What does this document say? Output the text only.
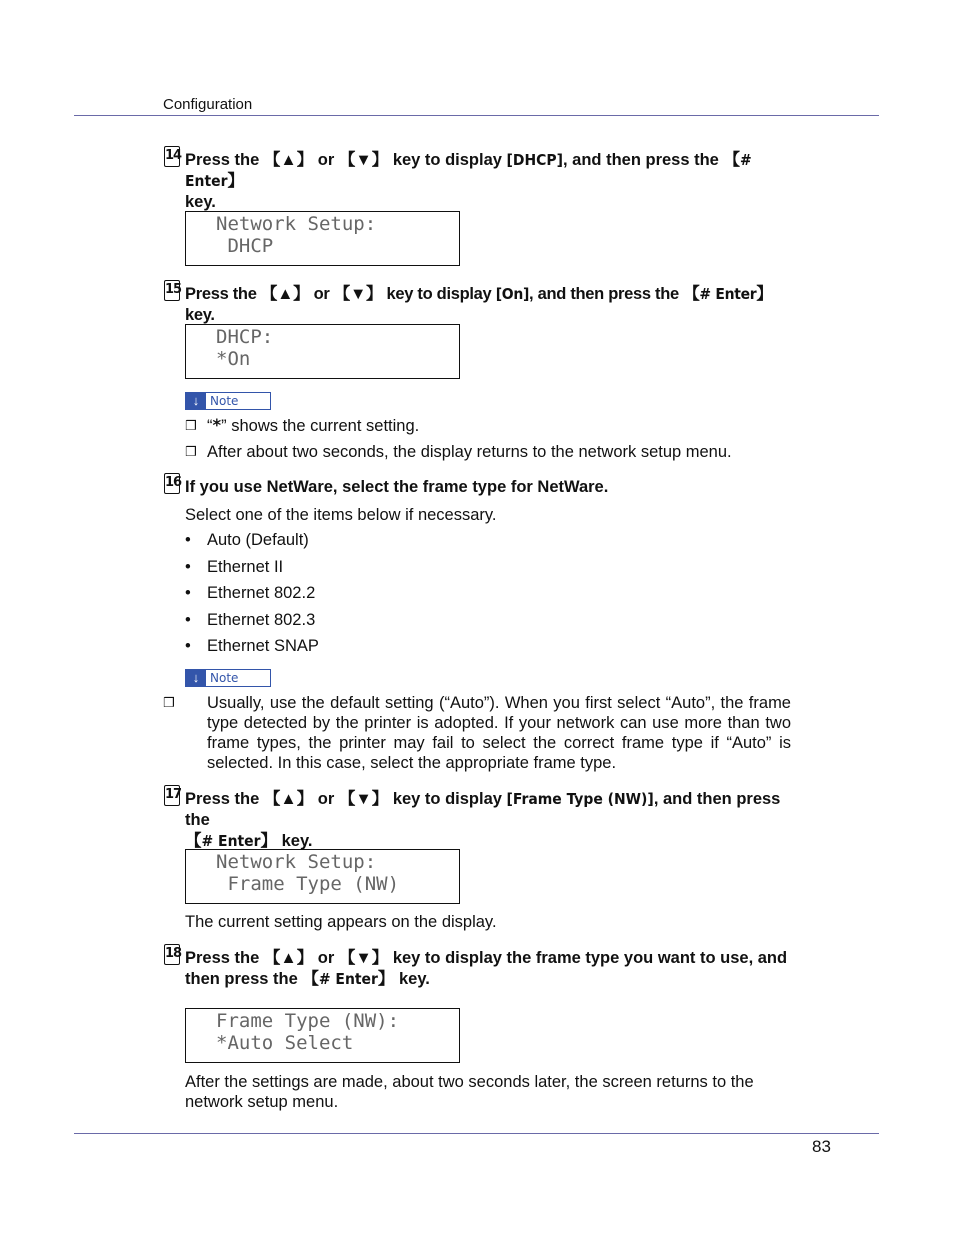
Configuration
14 Press the 【▲】 or 【▼】 key to display [DHCP], and then press the 【# Enter】
key.
Network Setup:
DHCP
15 Press the 【▲】 or 【▼】 key to display [On], and then press the 【# Enter】 key.
DHCP:
*On
↓ Note
❒ “*” shows the current setting.
❒ After about two seconds, the display returns to the network setup menu.
16 If you use NetWare, select the frame type for NetWare.
Select one of the items below if necessary.
• Auto (Default)
• Ethernet II
• Ethernet 802.2
• Ethernet 802.3
• Ethernet SNAP
↓ Note
❒ Usually, use the default setting (“Auto”). When you first select “Auto”, the frame type detected by the printer is adopted. If your network can use more than two frame types, the printer may fail to select the correct frame type if “Auto” is selected. In this case, select the appropriate frame type.
17 Press the 【▲】 or 【▼】 key to display [Frame Type (NW)], and then press the
【# Enter】 key.
Network Setup:
Frame Type (NW)
The current setting appears on the display.
18 Press the 【▲】 or 【▼】 key to display the frame type you want to use, and then press the 【# Enter】 key.
Frame Type (NW):
*Auto Select
After the settings are made, about two seconds later, the screen returns to the network setup menu.
83
